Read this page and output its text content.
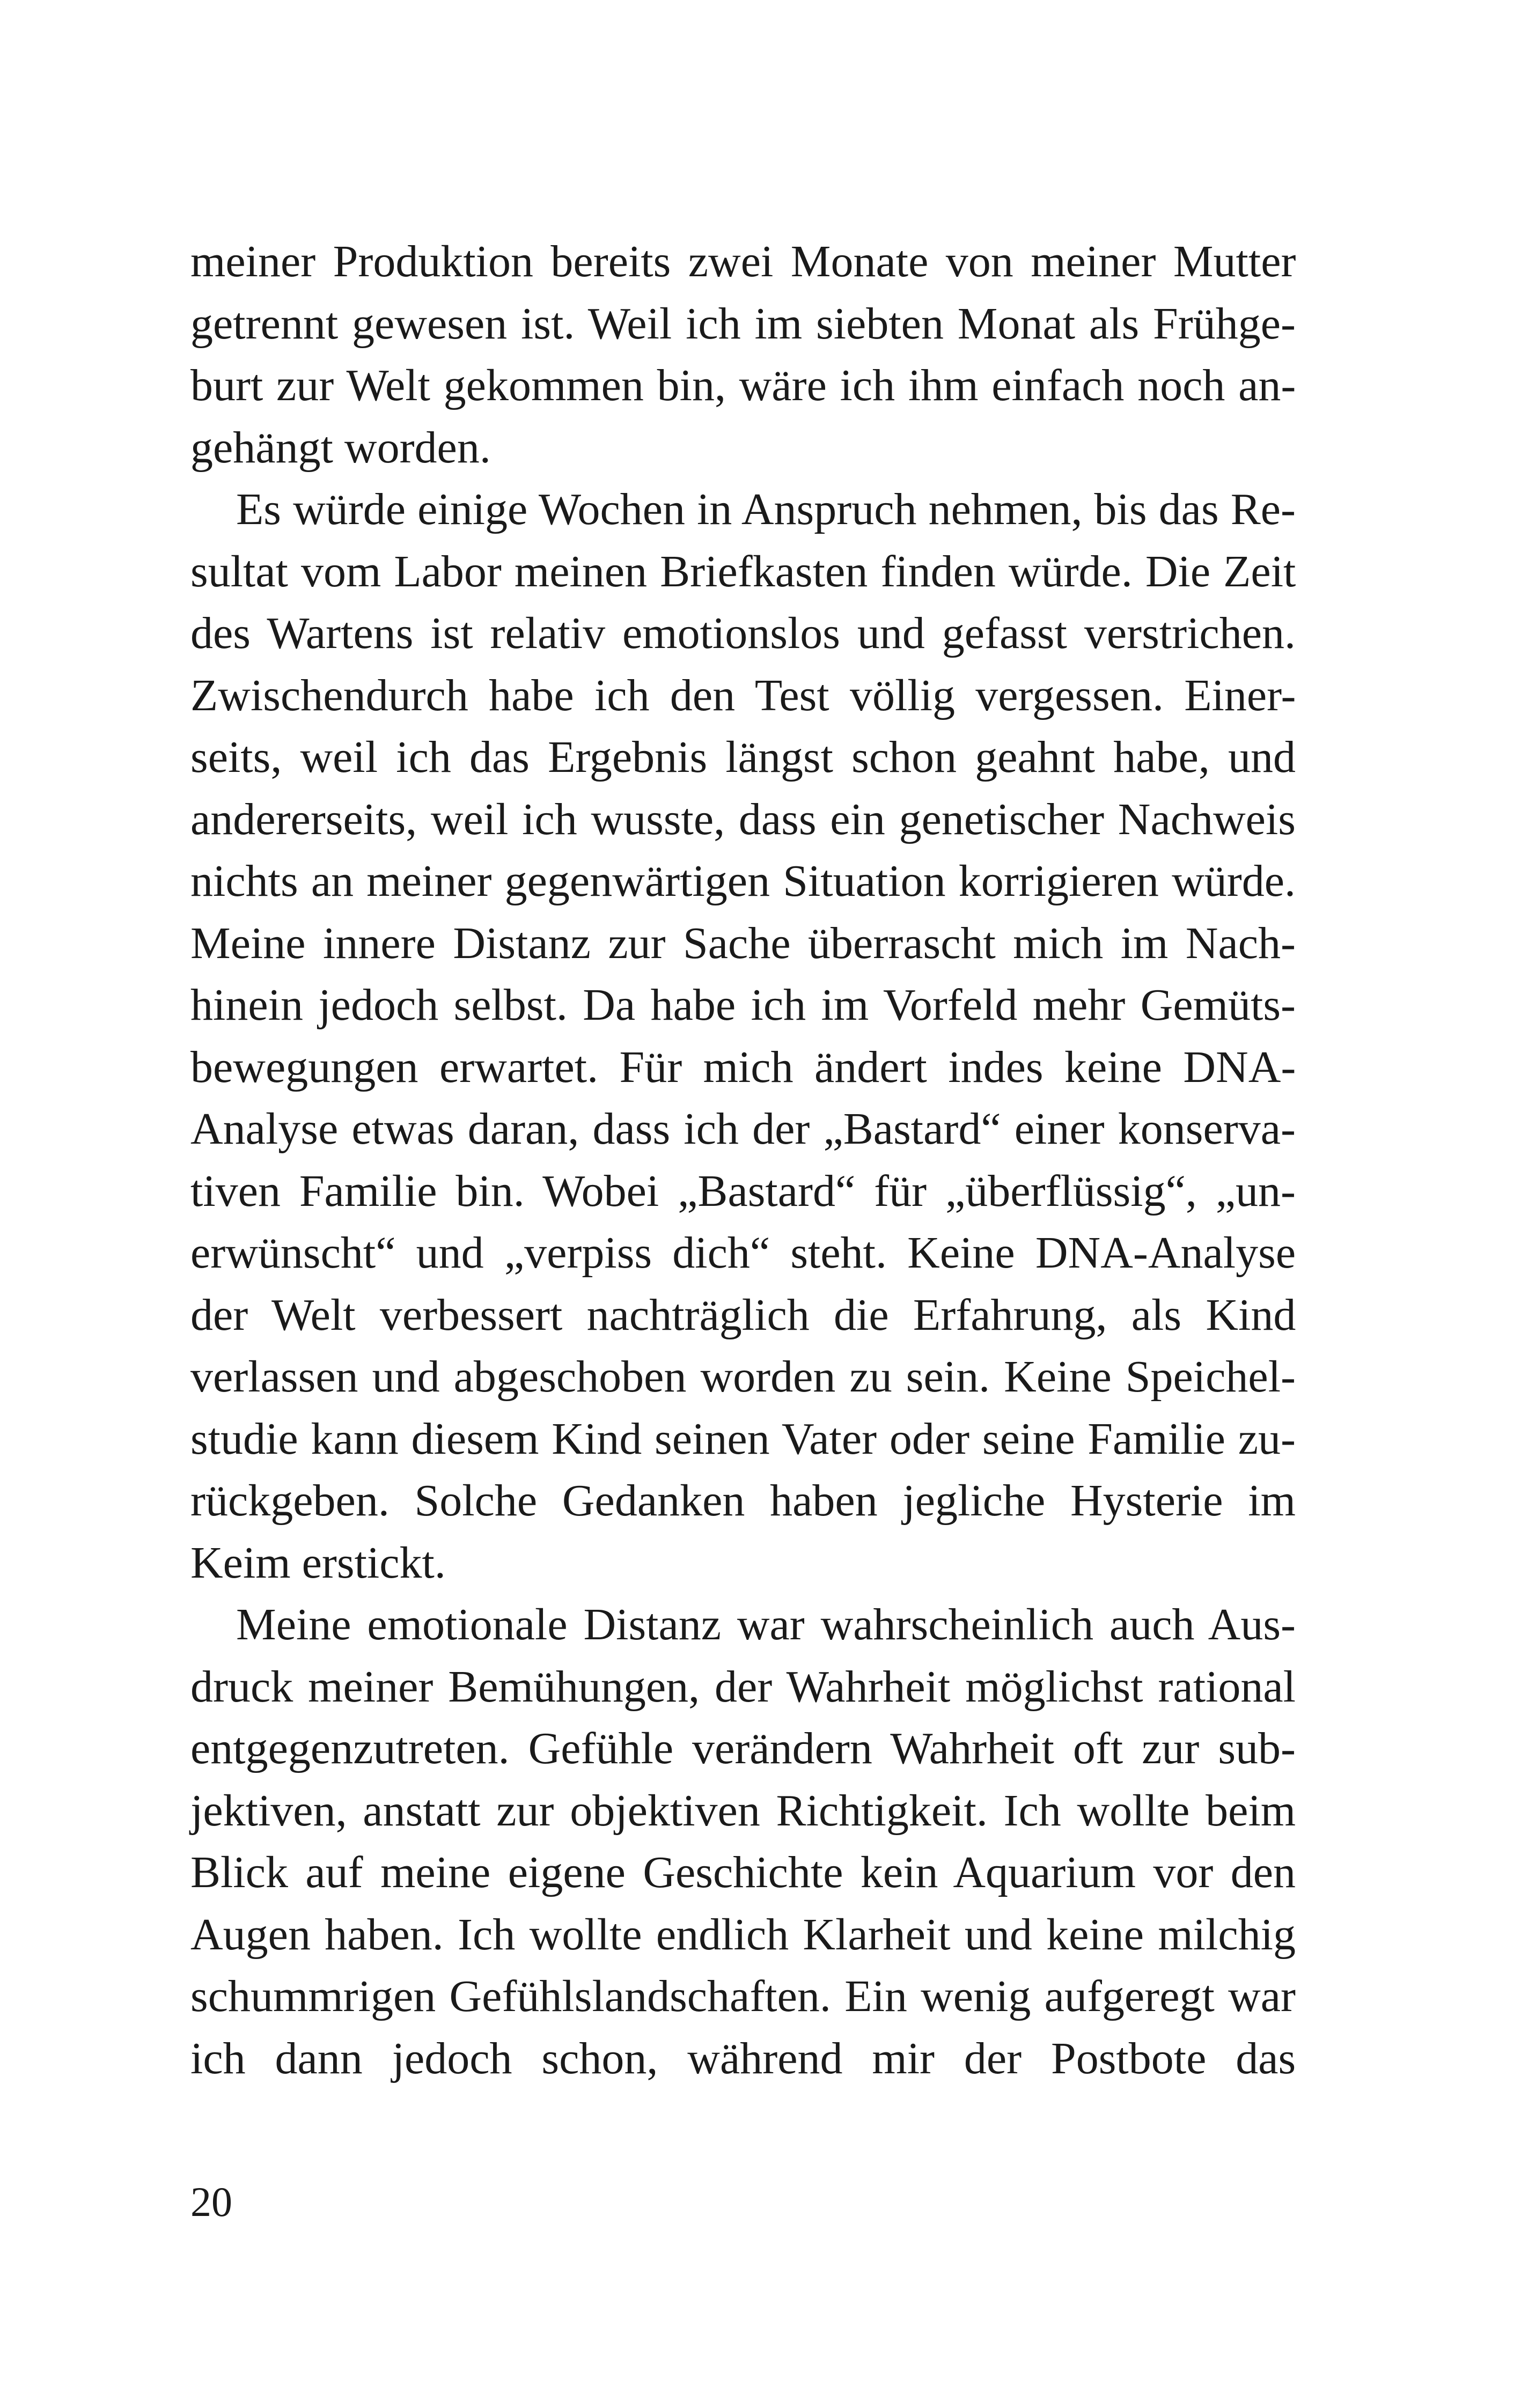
meiner Produktion bereits zwei Monate von meiner Mutter
getrennt gewesen ist. Weil ich im siebten Monat als Frühge-
burt zur Welt gekommen bin, wäre ich ihm einfach noch an-
gehängt worden.

Es würde einige Wochen in Anspruch nehmen, bis das Re-
sultat vom Labor meinen Briefkasten finden würde. Die Zeit
des Wartens ist relativ emotionslos und gefasst verstrichen.
Zwischendurch habe ich den Test völlig vergessen. Einer-
seits, weil ich das Ergebnis längst schon geahnt habe, und
andererseits, weil ich wusste, dass ein genetischer Nachweis
nichts an meiner gegenwärtigen Situation korrigieren würde.
Meine innere Distanz zur Sache überrascht mich im Nach-
hinein jedoch selbst. Da habe ich im Vorfeld mehr Gemüts-
bewegungen erwartet. Für mich ändert indes keine DNA-
Analyse etwas daran, dass ich der „Bastard“ einer konserva-
tiven Familie bin. Wobei „Bastard“ für „überflüssig“, „un-
erwünscht“ und „verpiss dich“ steht. Keine DNA-Analyse
der Welt verbessert nachträglich die Erfahrung, als Kind
verlassen und abgeschoben worden zu sein. Keine Speichel-
studie kann diesem Kind seinen Vater oder seine Familie zu-
rückgeben. Solche Gedanken haben jegliche Hysterie im
Keim erstickt.

Meine emotionale Distanz war wahrscheinlich auch Aus-
druck meiner Bemühungen, der Wahrheit möglichst rational
entgegenzutreten. Gefühle verändern Wahrheit oft zur sub-
jektiven, anstatt zur objektiven Richtigkeit. Ich wollte beim
Blick auf meine eigene Geschichte kein Aquarium vor den
Augen haben. Ich wollte endlich Klarheit und keine milchig
schummrigen Gefühlslandschaften. Ein wenig aufgeregt war
ich dann jedoch schon, während mir der Postbote das

20
